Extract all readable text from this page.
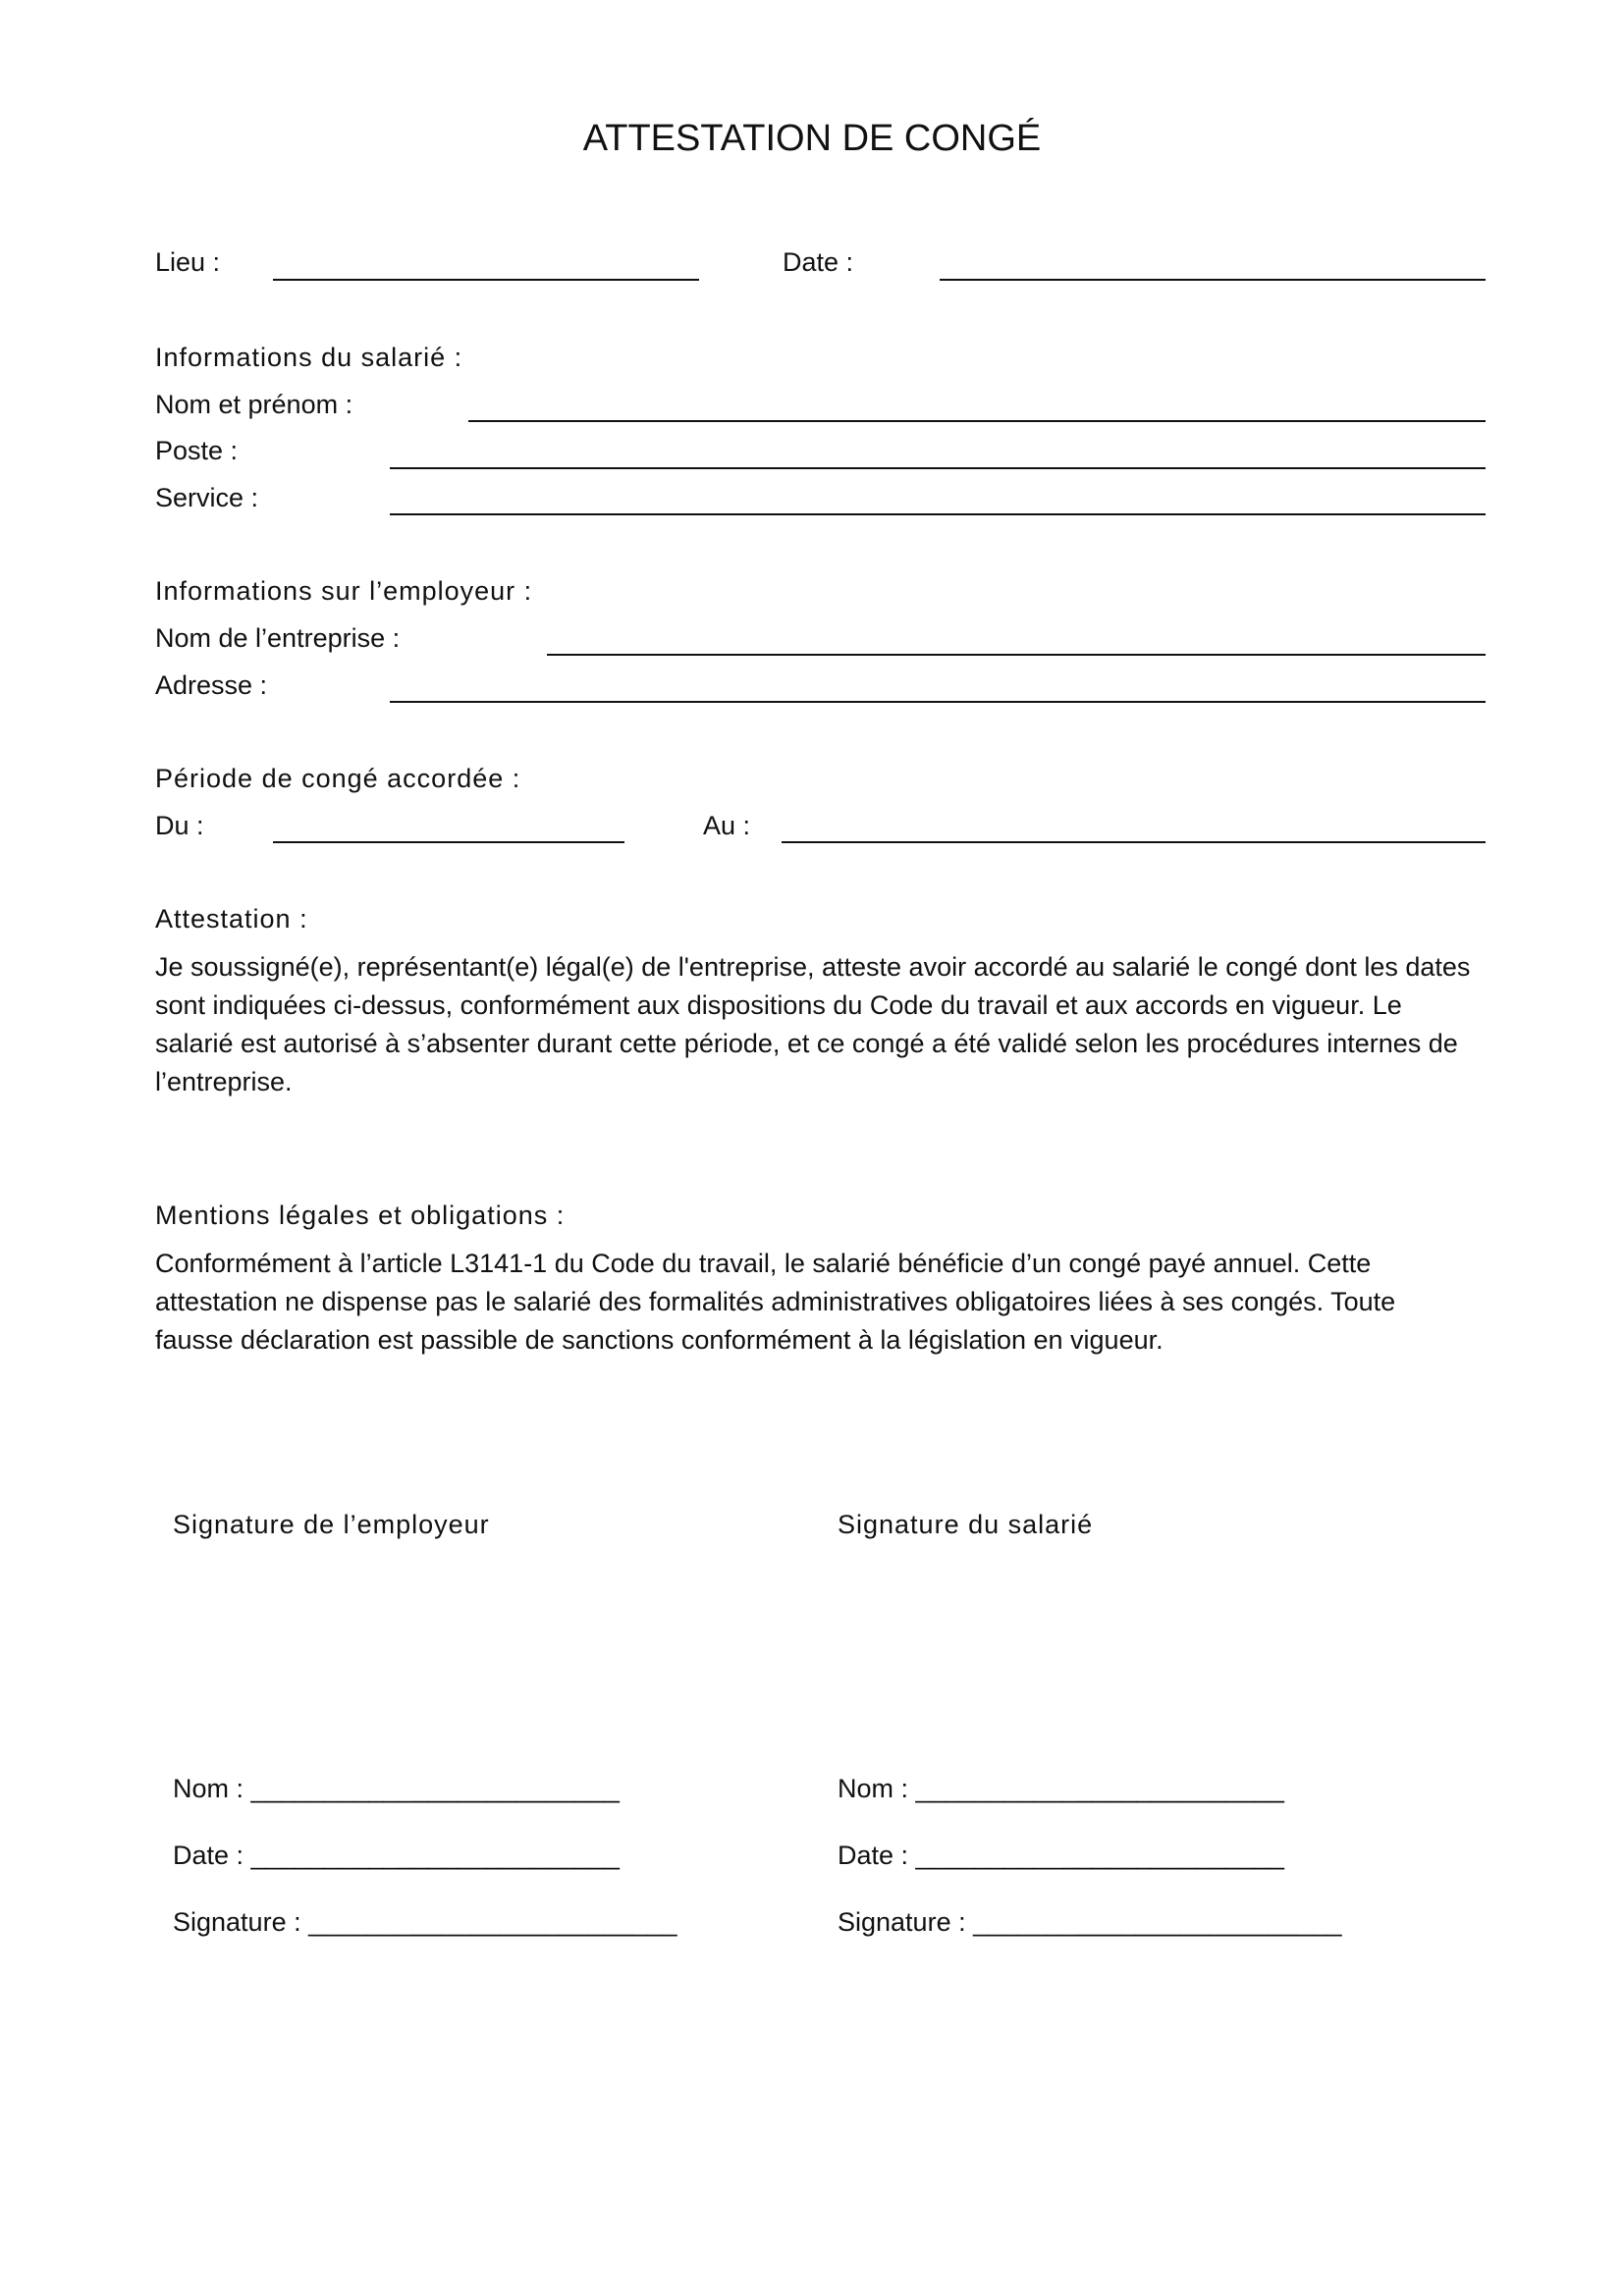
ATTESTATION DE CONGÉ
Lieu :	Date :
Informations du salarié :
Nom et prénom :
Poste :
Service :
Informations sur l’employeur :
Nom de l’entreprise :
Adresse :
Période de congé accordée :
Du :	Au :
Attestation :
Je soussigné(e), représentant(e) légal(e) de l'entreprise, atteste avoir accordé au salarié le congé dont les dates sont indiquées ci-dessus, conformément aux dispositions du Code du travail et aux accords en vigueur. Le salarié est autorisé à s’absenter durant cette période, et ce congé a été validé selon les procédures internes de l’entreprise.
Mentions légales et obligations :
Conformément à l’article L3141-1 du Code du travail, le salarié bénéficie d’un congé payé annuel. Cette attestation ne dispense pas le salarié des formalités administratives obligatoires liées à ses congés. Toute fausse déclaration est passible de sanctions conformément à la législation en vigueur.
Signature de l’employeur
Nom : _________________________
Date : _________________________
Signature : _________________________
Signature du salarié
Nom : _________________________
Date : _________________________
Signature : _________________________
